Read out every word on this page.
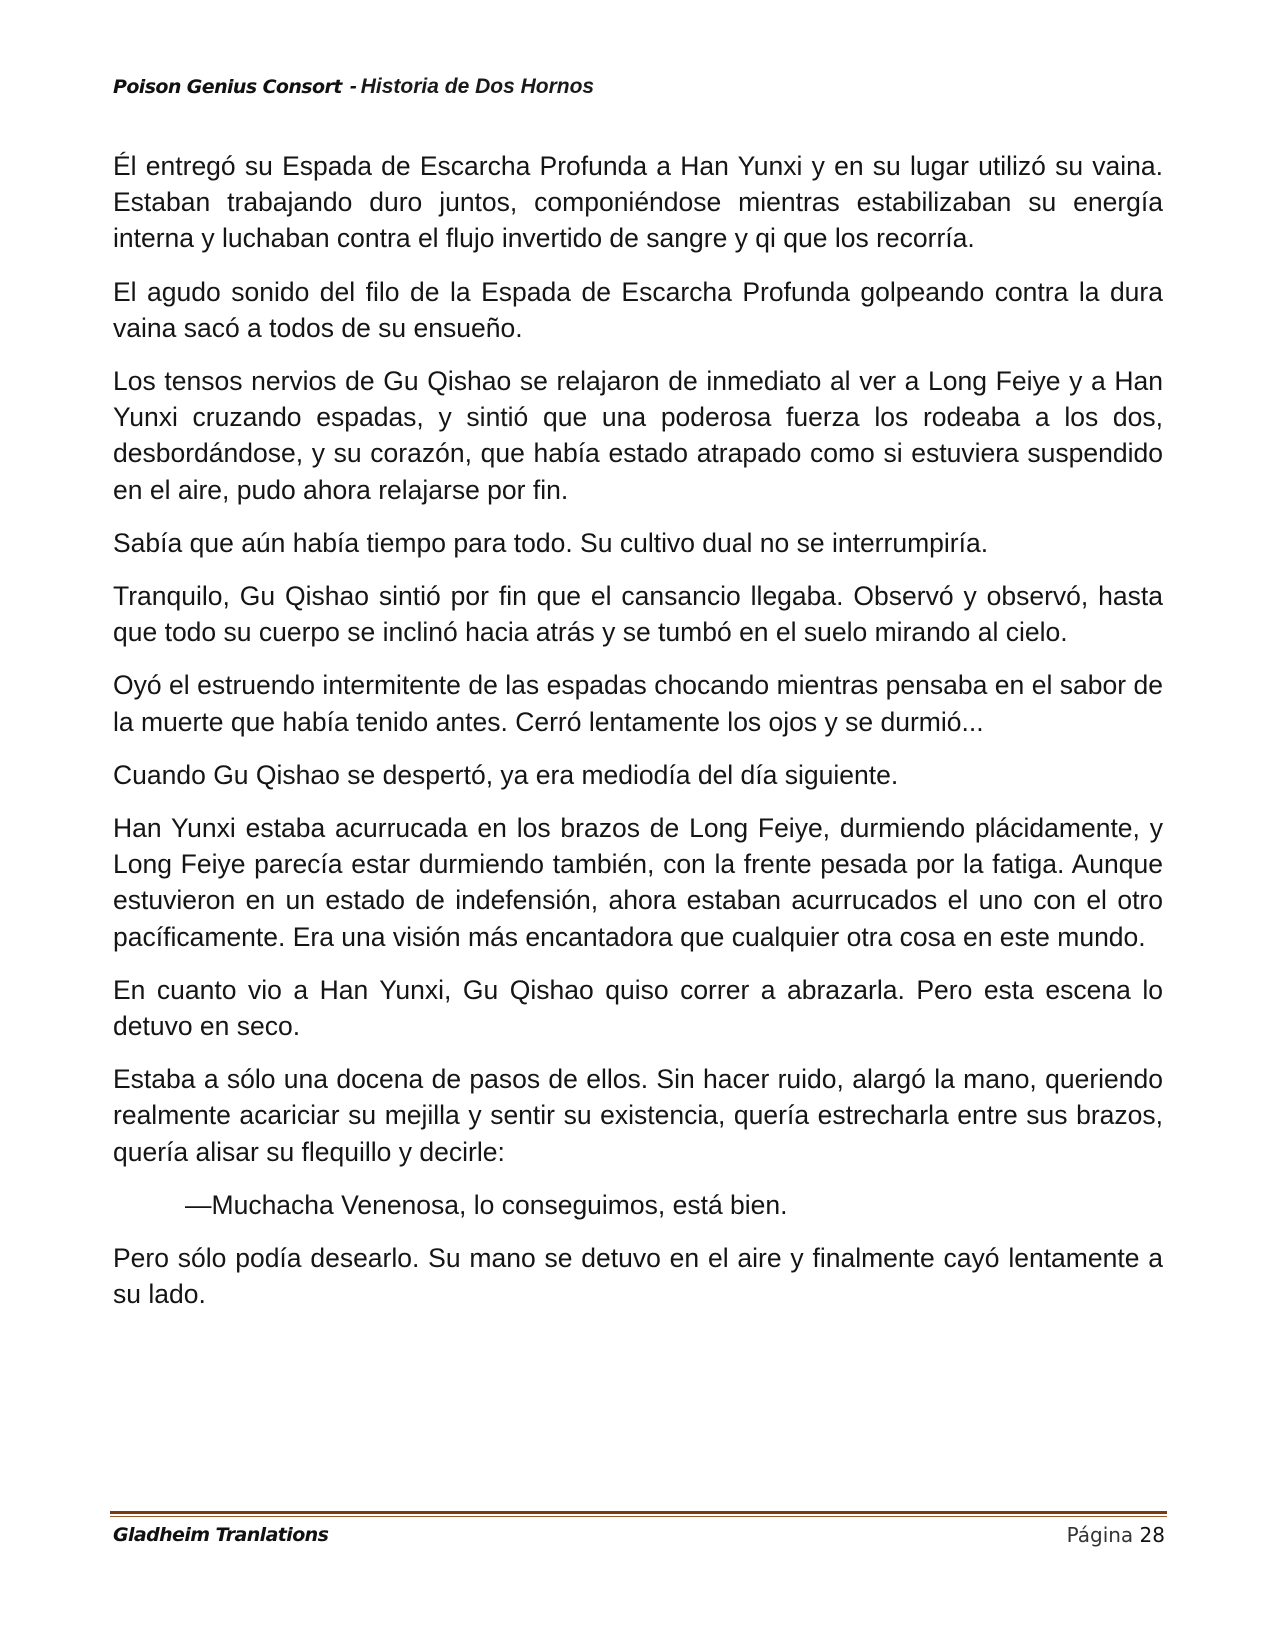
Poison Genius Consort - Historia de Dos Hornos

Él entregó su Espada de Escarcha Profunda a Han Yunxi y en su lugar utilizó su vaina. Estaban trabajando duro juntos, componiéndose mientras estabilizaban su energía interna y luchaban contra el flujo invertido de sangre y qi que los recorría.

El agudo sonido del filo de la Espada de Escarcha Profunda golpeando contra la dura vaina sacó a todos de su ensueño.

Los tensos nervios de Gu Qishao se relajaron de inmediato al ver a Long Feiye y a Han Yunxi cruzando espadas, y sintió que una poderosa fuerza los rodeaba a los dos, desbordándose, y su corazón, que había estado atrapado como si estuviera suspendido en el aire, pudo ahora relajarse por fin.

Sabía que aún había tiempo para todo. Su cultivo dual no se interrumpiría.

Tranquilo, Gu Qishao sintió por fin que el cansancio llegaba. Observó y observó, hasta que todo su cuerpo se inclinó hacia atrás y se tumbó en el suelo mirando al cielo.

Oyó el estruendo intermitente de las espadas chocando mientras pensaba en el sabor de la muerte que había tenido antes. Cerró lentamente los ojos y se durmió...

Cuando Gu Qishao se despertó, ya era mediodía del día siguiente.

Han Yunxi estaba acurrucada en los brazos de Long Feiye, durmiendo plácidamente, y Long Feiye parecía estar durmiendo también, con la frente pesada por la fatiga. Aunque estuvieron en un estado de indefensión, ahora estaban acurrucados el uno con el otro pacíficamente. Era una visión más encantadora que cualquier otra cosa en este mundo.

En cuanto vio a Han Yunxi, Gu Qishao quiso correr a abrazarla. Pero esta escena lo detuvo en seco.

Estaba a sólo una docena de pasos de ellos. Sin hacer ruido, alargó la mano, queriendo realmente acariciar su mejilla y sentir su existencia, quería estrecharla entre sus brazos, quería alisar su flequillo y decirle:

—Muchacha Venenosa, lo conseguimos, está bien.

Pero sólo podía desearlo. Su mano se detuvo en el aire y finalmente cayó lentamente a su lado.

Gladheim Tranlations	Página 28
